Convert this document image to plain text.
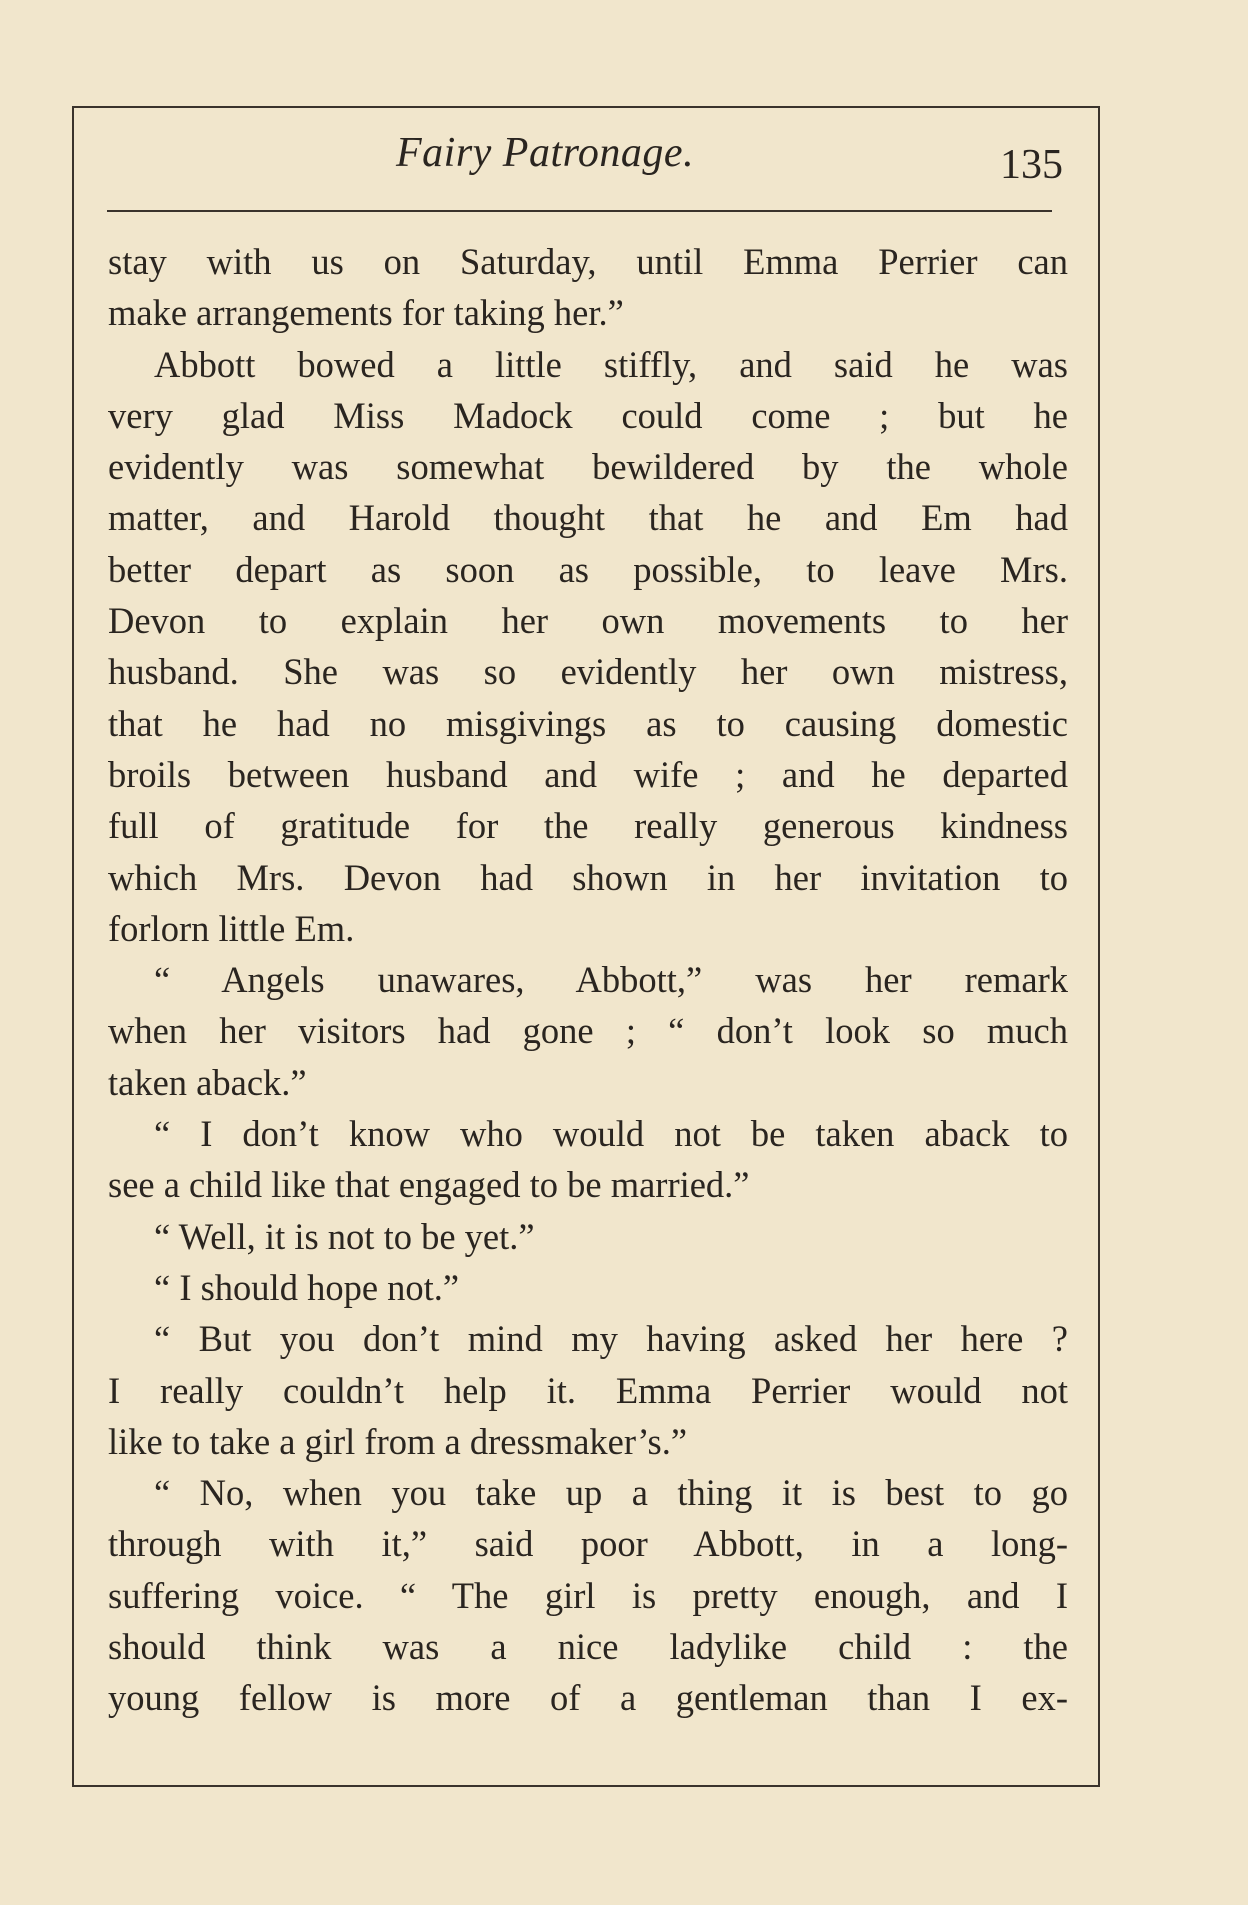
Fairy Patronage.	135
stay with us on Saturday, until Emma Perrier can
make arrangements for taking her.”
Abbott bowed a little stiffly, and said he was
very glad Miss Madock could come ; but he
evidently was somewhat bewildered by the whole
matter, and Harold thought that he and Em had
better depart as soon as possible, to leave Mrs.
Devon to explain her own movements to her
husband. She was so evidently her own mistress,
that he had no misgivings as to causing domestic
broils between husband and wife ; and he departed
full of gratitude for the really generous kindness
which Mrs. Devon had shown in her invitation to
forlorn little Em.
“ Angels unawares, Abbott,” was her remark
when her visitors had gone ; “ don’t look so much
taken aback.”
“ I don’t know who would not be taken aback to
see a child like that engaged to be married.”
“ Well, it is not to be yet.”
“ I should hope not.”
“ But you don’t mind my having asked her here ?
I really couldn’t help it. Emma Perrier would not
like to take a girl from a dressmaker’s.”
“ No, when you take up a thing it is best to go
through with it,” said poor Abbott, in a long-
suffering voice. “ The girl is pretty enough, and I
should think was a nice ladylike child : the
young fellow is more of a gentleman than I ex-
